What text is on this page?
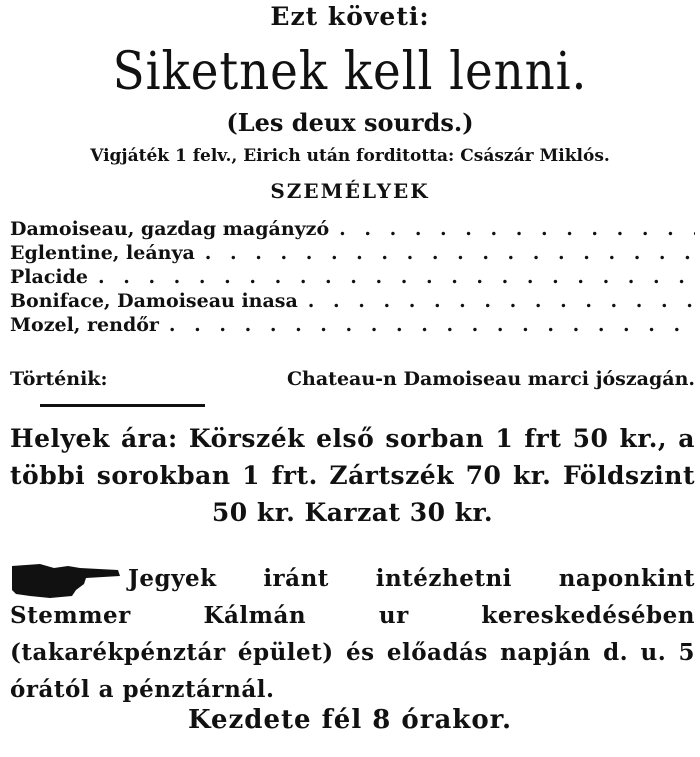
Ezt követi:
Siketnek kell lenni.
(Les deux sourds.)
Vigjáték 1 felv., Eirich után forditotta: Császár Miklós.
SZEMÉLYEK
Damoiseau, gazdag magányzó
. . .
Eglentine, leánya
. . .
Placide
. . .
Boniface, Damoiseau inasa
. . .
Mozel, rendőr
. . .
Történik:	Chateau-n Damoiseau marci jószagán.
Helyek ára: Körszék első sorban 1 frt 50 kr., a többi sorokban 1 frt. Zártszék 70 kr. Földszint 50 kr. Karzat 30 kr.
Jegyek iránt intézhetni naponkint Stemmer Kálmán ur kereskedésében (takarékpénztár épület) és előadás napján d. u. 5 órától a pénztárnál.
Kezdete fél 8 órakor.
